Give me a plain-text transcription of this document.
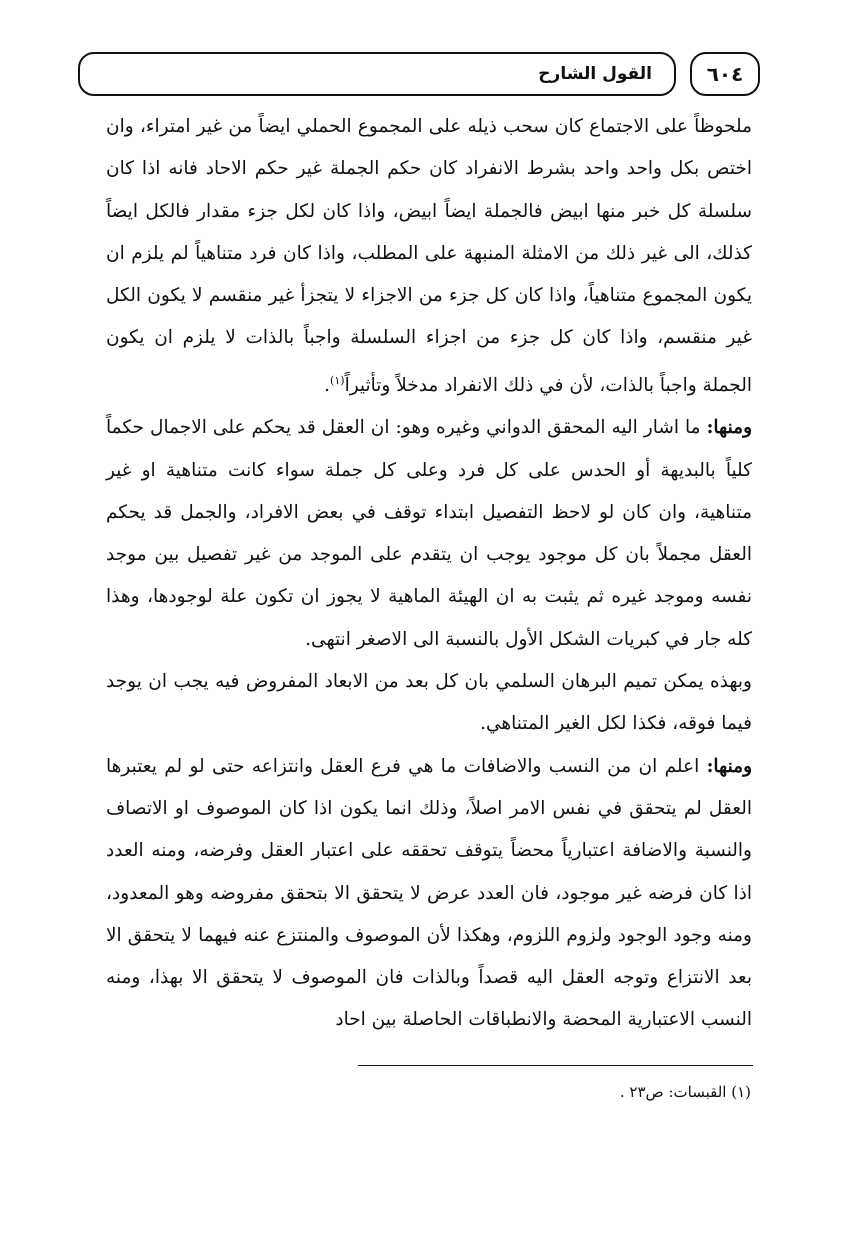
القول الشارح	٦٠٤

ملحوظاً على الاجتماع كان سحب ذيله على المجموع الحملي ايضاً من غير امتراء، وان اختص بكل واحد واحد بشرط الانفراد كان حكم الجملة غير حكم الاحاد فانه اذا كان سلسلة كل خبر منها ابيض فالجملة ايضاً ابيض، واذا كان لكل جزء مقدار فالكل ايضاً كذلك، الى غير ذلك من الامثلة المنبهة على المطلب، واذا كان فرد متناهياً لم يلزم ان يكون المجموع متناهياً، واذا كان كل جزء من الاجزاء لا يتجزأ غير منقسم لا يكون الكل غير منقسم، واذا كان كل جزء من اجزاء السلسلة واجباً بالذات لا يلزم ان يكون الجملة واجباً بالذات، لأن في ذلك الانفراد مدخلاً وتأثيراً$^{(١)}$.

ومنها: ما اشار اليه المحقق الدواني وغيره وهو: ان العقل قد يحكم على الاجمال حكماً كلياً بالبديهة أو الحدس على كل فرد وعلى كل جملة سواء كانت متناهية او غير متناهية، وان كان لو لاحظ التفصيل ابتداء توقف في بعض الافراد، والجمل قد يحكم العقل مجملاً بان كل موجود يوجب ان يتقدم على الموجد من غير تفصيل بين موجد نفسه وموجد غيره ثم يثبت به ان الهيئة الماهية لا يجوز ان تكون علة لوجودها، وهذا كله جار في كبريات الشكل الأول بالنسبة الى الاصغر انتهى.

وبهذه يمكن تميم البرهان السلمي بان كل بعد من الابعاد المفروض فيه يجب ان يوجد فيما فوقه، فكذا لكل الغير المتناهي.

ومنها: اعلم ان من النسب والاضافات ما هي فرع العقل وانتزاعه حتى لو لم يعتبرها العقل لم يتحقق في نفس الامر اصلاً، وذلك انما يكون اذا كان الموصوف او الاتصاف والنسبة والاضافة اعتبارياً محضاً يتوقف تحققه على اعتبار العقل وفرضه، ومنه العدد اذا كان فرضه غير موجود، فان العدد عرض لا يتحقق الا بتحقق مفروضه وهو المعدود، ومنه وجود الوجود ولزوم اللزوم، وهكذا لأن الموصوف والمنتزع عنه فيهما لا يتحقق الا بعد الانتزاع وتوجه العقل اليه قصداً وبالذات فان الموصوف لا يتحقق الا بهذا، ومنه النسب الاعتبارية المحضة والانطباقات الحاصلة بين احاد

(١) القبسات: ص٢٣ .
